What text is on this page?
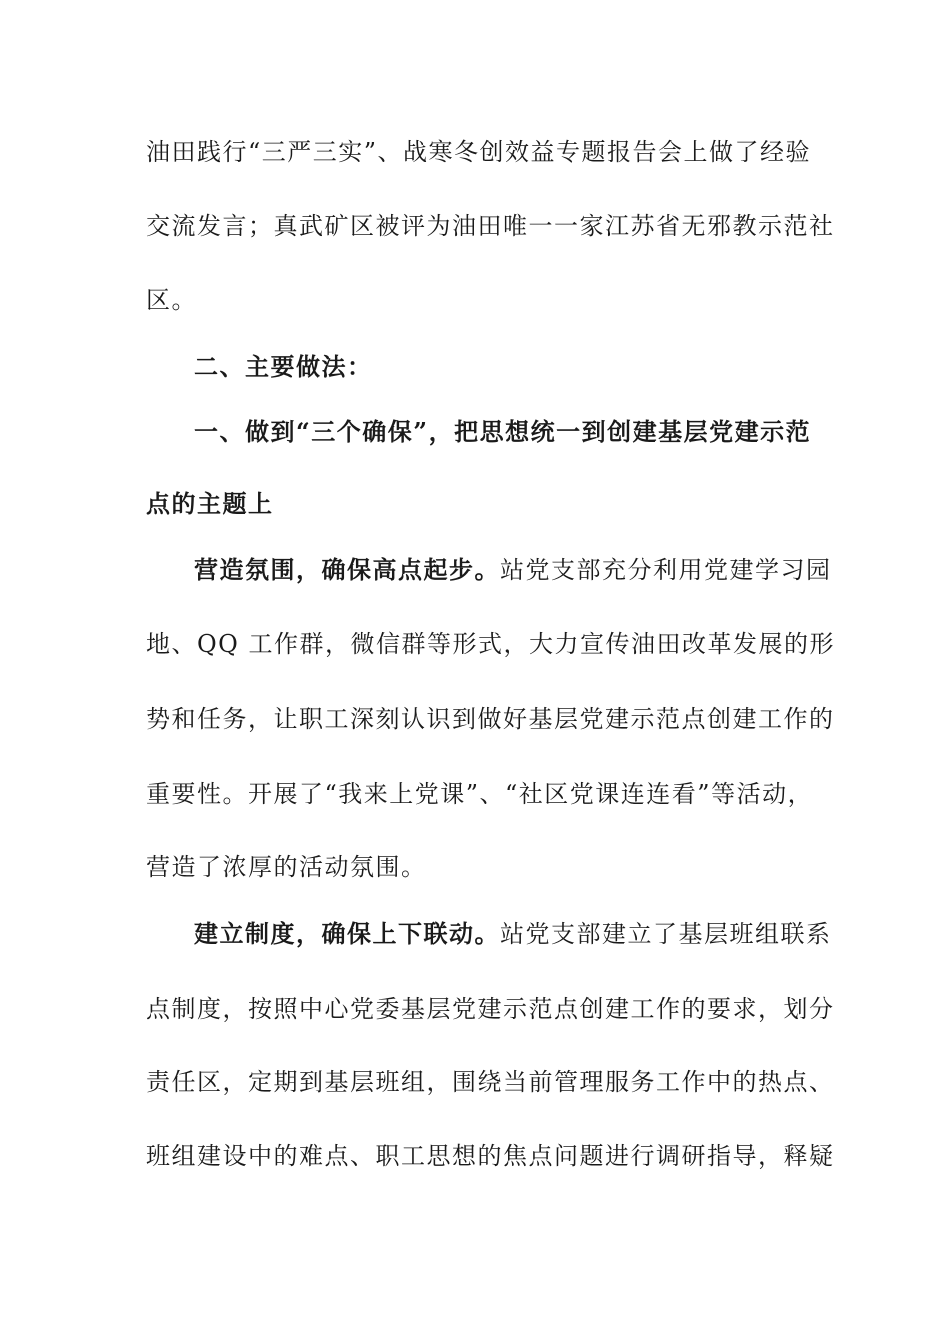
油田践行“三严三实”、战寒冬创效益专题报告会上做了经验
交流发言；真武矿区被评为油田唯一一家江苏省无邪教示范社
区。
二、主要做法：
一、做到“三个确保”，把思想统一到创建基层党建示范
点的主题上
营造氛围，确保高点起步。站党支部充分利用党建学习园
地、QQ 工作群，微信群等形式，大力宣传油田改革发展的形
势和任务，让职工深刻认识到做好基层党建示范点创建工作的
重要性。开展了“我来上党课”、“社区党课连连看”等活动，
营造了浓厚的活动氛围。
建立制度，确保上下联动。站党支部建立了基层班组联系
点制度，按照中心党委基层党建示范点创建工作的要求，划分
责任区，定期到基层班组，围绕当前管理服务工作中的热点、
班组建设中的难点、职工思想的焦点问题进行调研指导，释疑
